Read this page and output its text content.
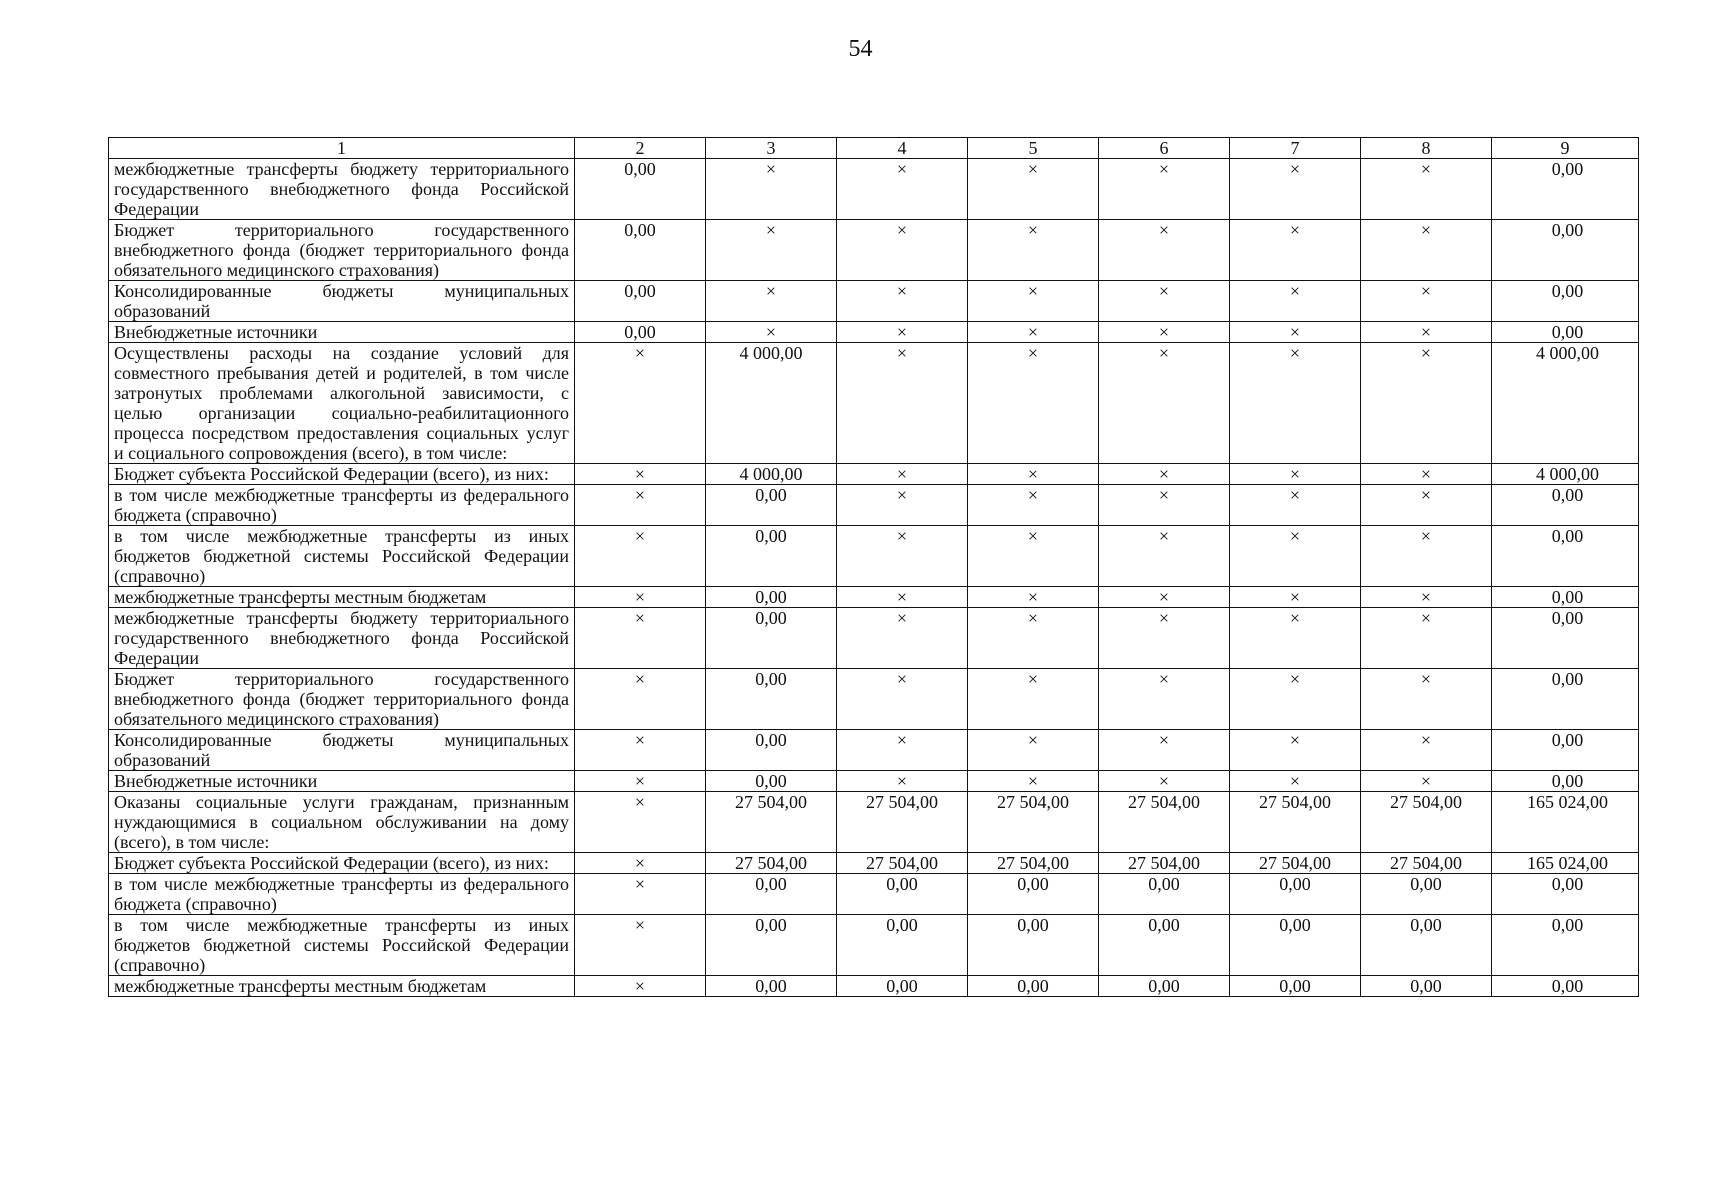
54
1	2	3	4	5	6	7	8	9
межбюджетные трансферты бюджету территориального государственного внебюджетного фонда Российской Федерации	0,00	×	×	×	×	×	×	0,00
Бюджет территориального государственного внебюджетного фонда (бюджет территориального фонда обязательного медицинского страхования)	0,00	×	×	×	×	×	×	0,00
Консолидированные бюджеты муниципальных образований	0,00	×	×	×	×	×	×	0,00
Внебюджетные источники	0,00	×	×	×	×	×	×	0,00
Осуществлены расходы на создание условий для совместного пребывания детей и родителей, в том числе затронутых проблемами алкогольной зависимости, с целью организации социально-реабилитационного процесса посредством предоставления социальных услуг и социального сопровождения (всего), в том числе:	×	4 000,00	×	×	×	×	×	4 000,00
Бюджет субъекта Российской Федерации (всего), из них:	×	4 000,00	×	×	×	×	×	4 000,00
в том числе межбюджетные трансферты из федерального бюджета (справочно)	×	0,00	×	×	×	×	×	0,00
в том числе межбюджетные трансферты из иных бюджетов бюджетной системы Российской Федерации (справочно)	×	0,00	×	×	×	×	×	0,00
межбюджетные трансферты местным бюджетам	×	0,00	×	×	×	×	×	0,00
межбюджетные трансферты бюджету территориального государственного внебюджетного фонда Российской Федерации	×	0,00	×	×	×	×	×	0,00
Бюджет территориального государственного внебюджетного фонда (бюджет территориального фонда обязательного медицинского страхования)	×	0,00	×	×	×	×	×	0,00
Консолидированные бюджеты муниципальных образований	×	0,00	×	×	×	×	×	0,00
Внебюджетные источники	×	0,00	×	×	×	×	×	0,00
Оказаны социальные услуги гражданам, признанным нуждающимися в социальном обслуживании на дому (всего), в том числе:	×	27 504,00	27 504,00	27 504,00	27 504,00	27 504,00	27 504,00	165 024,00
Бюджет субъекта Российской Федерации (всего), из них:	×	27 504,00	27 504,00	27 504,00	27 504,00	27 504,00	27 504,00	165 024,00
в том числе межбюджетные трансферты из федерального бюджета (справочно)	×	0,00	0,00	0,00	0,00	0,00	0,00	0,00
в том числе межбюджетные трансферты из иных бюджетов бюджетной системы Российской Федерации (справочно)	×	0,00	0,00	0,00	0,00	0,00	0,00	0,00
межбюджетные трансферты местным бюджетам	×	0,00	0,00	0,00	0,00	0,00	0,00	0,00
